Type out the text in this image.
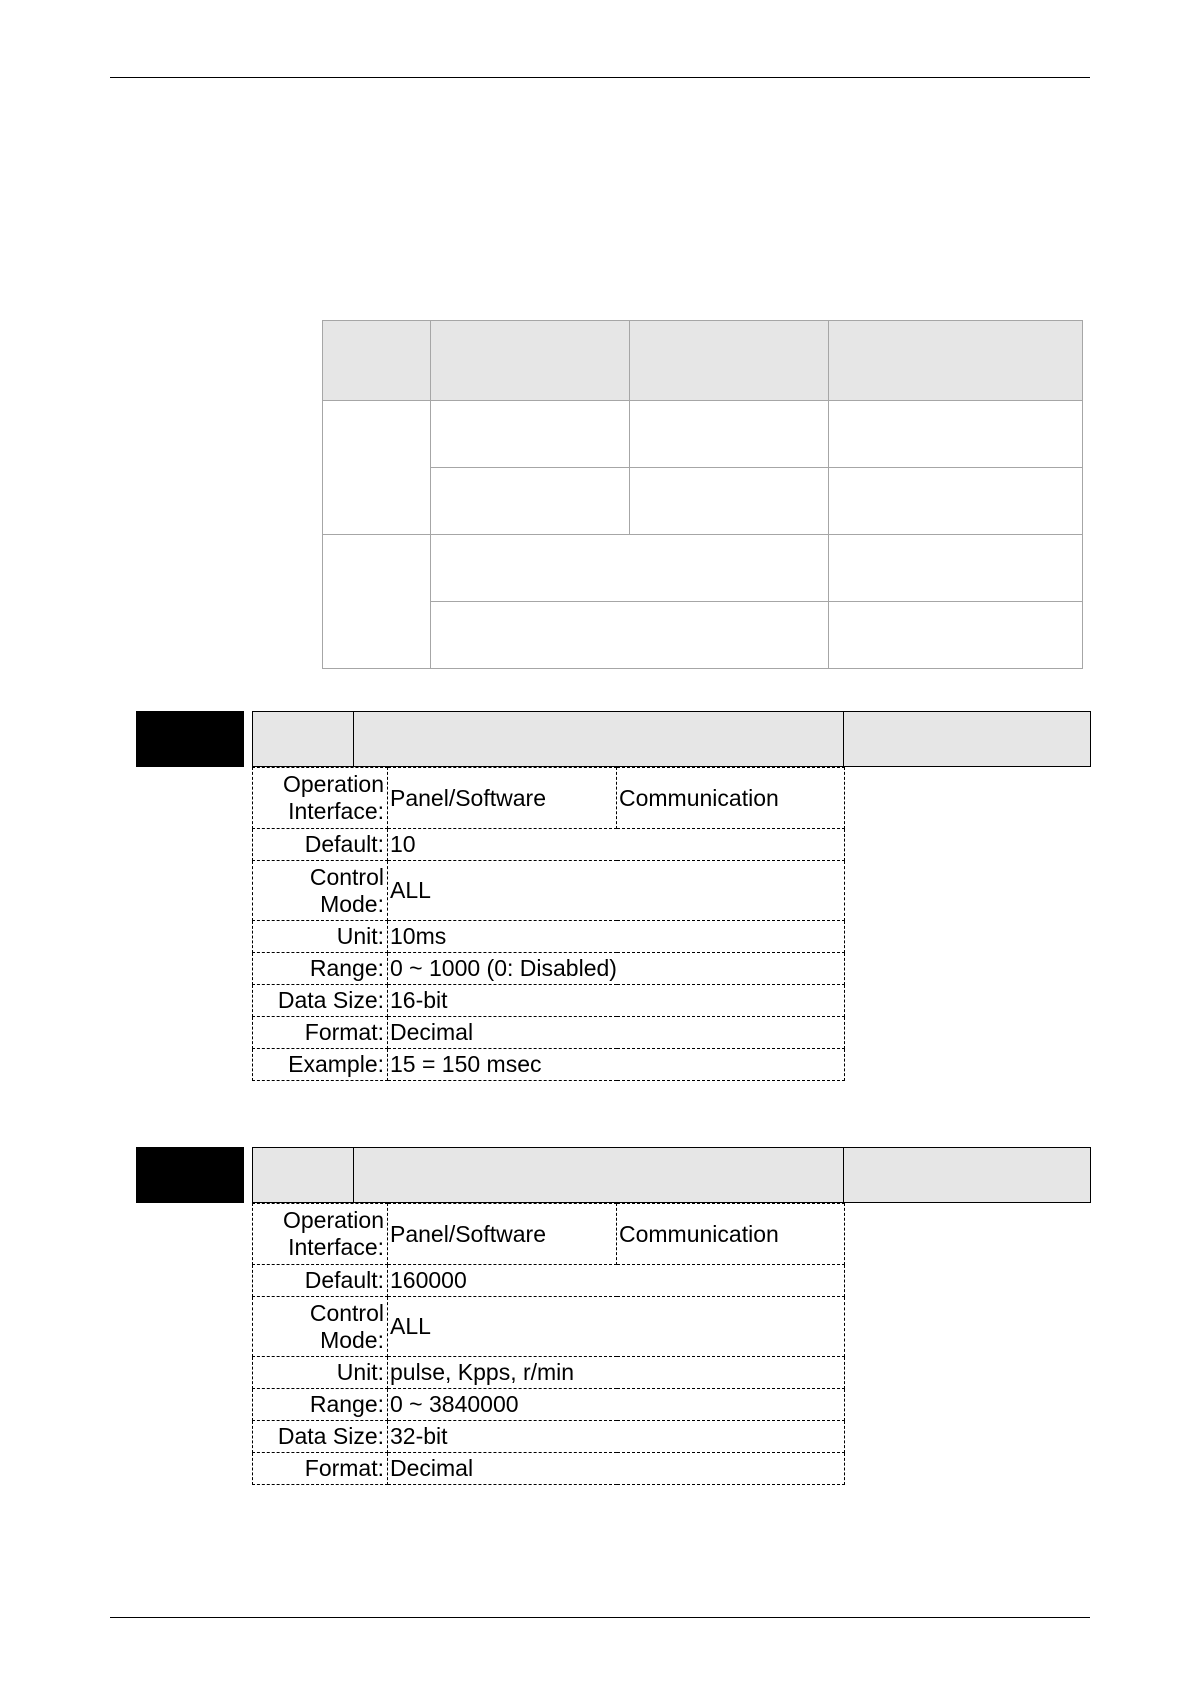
Operation Interface:	Panel/Software	Communication
Default:	10	
Control Mode:	ALL	
Unit:	10ms	
Range:	0 ~ 1000 (0: Disabled)	
Data Size:	16-bit	
Format:	Decimal	
Example:	15 = 150 msec	
Operation Interface:	Panel/Software	Communication
Default:	160000	
Control Mode:	ALL	
Unit:	pulse, Kpps, r/min	
Range:	0 ~ 3840000	
Data Size:	32-bit	
Format:	Decimal	
